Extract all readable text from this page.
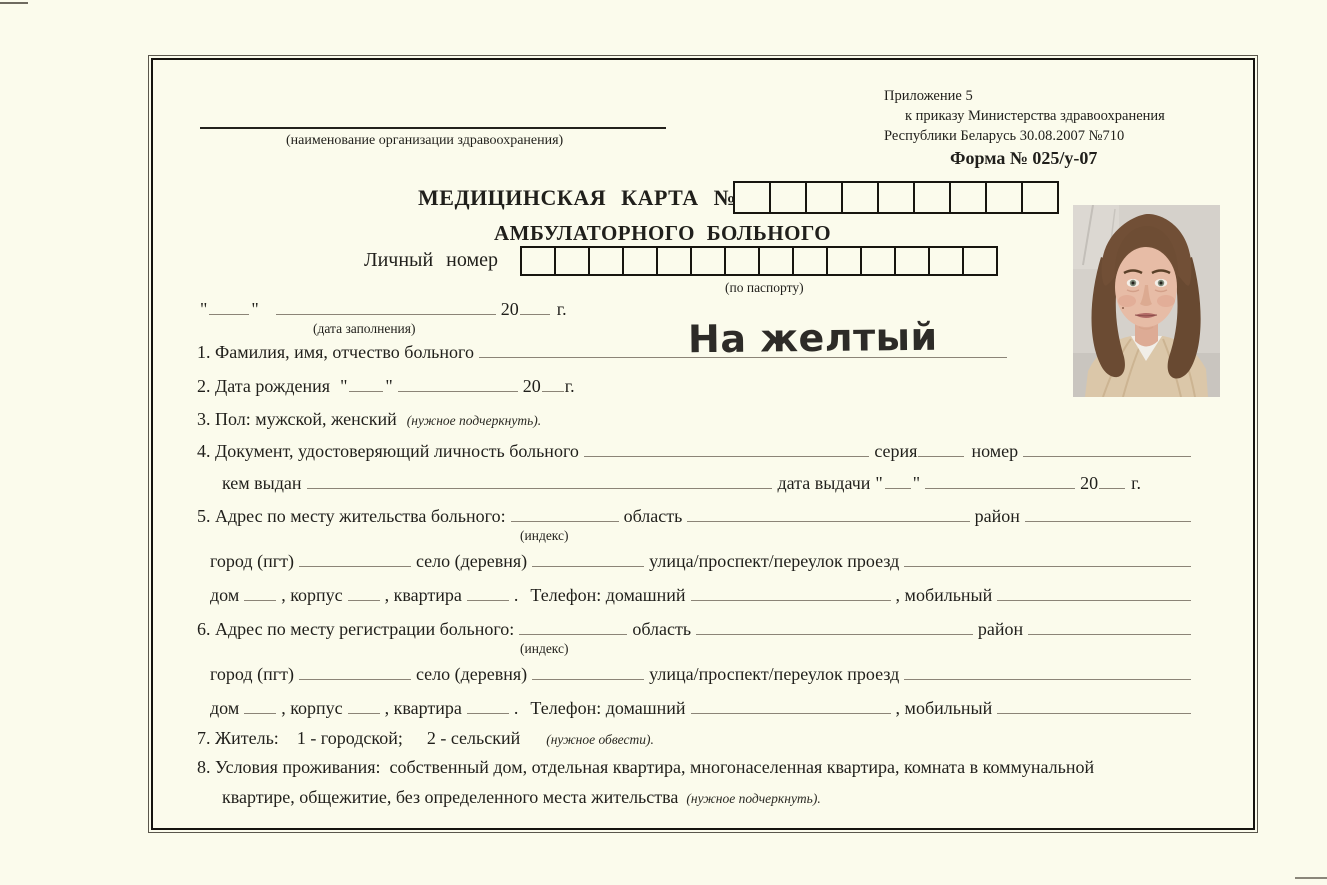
Приложение 5
к приказу Министерства здравоохранения
Республики Беларусь 30.08.2007 №710
Форма № 025/у-07
(наименование организации здравоохранения)
МЕДИЦИНСКАЯ КАРТА №
АМБУЛАТОРНОГО БОЛЬНОГО
Личный номер
(по паспорту)
" "	20 г.
(дата заполнения)	На желтый
1. Фамилия, имя, отчество больного
2. Дата рождения " "	20 г.
3. Пол: мужской, женский (нужное подчеркнуть).
4. Документ, удостоверяющий личность больного	серия	номер
кем выдан	дата выдачи " "	20 г.
5. Адрес по месту жительства больного:	область	район
(индекс)
город (пгт)	село (деревня)	улица/проспект/переулок проезд
дом , корпус , квартира	. Телефон: домашний	, мобильный
6. Адрес по месту регистрации больного:	область	район
(индекс)
город (пгт)	село (деревня)	улица/проспект/переулок проезд
дом , корпус , квартира	. Телефон: домашний	, мобильный
7. Житель: 1 - городской; 2 - сельский (нужное обвести).
8. Условия проживания: собственный дом, отдельная квартира, многонаселенная квартира, комната в коммунальной
квартире, общежитие, без определенного места жительства (нужное подчеркнуть).
